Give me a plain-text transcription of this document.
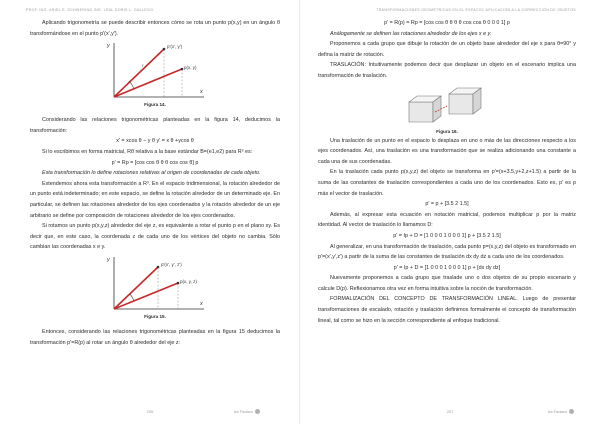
PROF. ING. ARIEL E. SCHWERING ING. LEAL DORIS L. GALLEGO

Aplicando trigonometría se puede describir entonces cómo se rota un punto p(x,y) en un ángulo θ transformándose en el punto p'(x',y').

y
x
p'(x', y')
p(x, y)
r
Figura 14.

Considerando las relaciones trigonométricas planteadas en la figura 14, deducimos la transformación:

x' = xcos θ − y θ y' = x θ +ycos θ

Si lo escribimos en forma matricial, Rθ relativa a la base estándar B=(e1,e2) para R² es:

p' = Rp = [cos cos θ θ θ cos cos θ] p

Esta transformación lo define rotaciones relativas al origen de coordenadas de cada objeto.

Extendemos ahora esta transformación a R³. En el espacio tridimensional, la rotación alrededor de un punto está indeterminado; en este espacio, se define la rotación alrededor de un determinado eje. En particular, se definen las rotaciones alrededor de los ejes coordenados y la rotación alrededor de un eje arbitrario se define por composición de rotaciones alrededor de los ejes coordenados.

Si rotamos un punto p(x,y,z) alrededor del eje z, es equivalente a rotar el punto p en el plano xy. Es decir que, en este caso, la coordenada z de cada uno de los vértices del objeto no cambia. Sólo cambian las coordenadas x e y.

y
x
p'(x', y', z')
p(x, y, z)
Figura 15.

Entonces, considerando las relaciones trigonométricas planteadas en la figura 15 deducimos la transformación p'=R(p) al rotar un ángulo θ alrededor del eje z:

206	Ira Fadaco
TRANSFORMACIONES GEOMÉTRICAS EN EL ESPACIO: APLICACIÓN A LA CORRECCIÓN DE OBJETOS

p' = R(p) = Rp = [cos cos θ θ θ θ cos cos θ 0 0 0 1] p

Análogamente se definen las rotaciones alrededor de los ejes x e y.

Proponemos a cada grupo que dibuje la rotación de un objeto base alrededor del eje x para θ=90° y defina la matriz de rotación.

TRASLACIÓN: Intuitivamente podemos decir que desplazar un objeto en el escenario implica una transformación de traslación.

Figura 16.

Una traslación de un punto en el espacio lo desplaza en uno o más de las direcciones respecto a los ejes coordenados. Así, una traslación es una transformación que se realiza adicionando una constante a cada una de sus coordenadas.

En la traslación cada punto p(x,y,z) del objeto se transforma en p'=(x+3.5,y+2,z+1.5) a partir de la suma de las constantes de traslación correspondientes a cada uno de los coordenados. Esto es, p' es p más el vector de traslación.

p' = p + [3.5 2 1.5]

Además, al expresar esta ecuación en notación matricial, podemos multiplicar p por la matriz identidad. Al vector de traslación lo llamamos D:

p' = Ip + D = [1 0 0 0 1 0 0 0 1] p + [3.5 2 1.5]

Al generalizar, en una transformación de traslación, cada punto p=(x,y,z) del objeto es transformado en p'=(x',y',z') a partir de la suma de las constantes de traslación dx dy dz a cada uno de los coordenados.

p' = Ip + D = [1 0 0 0 1 0 0 0 1] p + [dx dy dz]

Nuevamente proponemos a cada grupo que traslade uno o dos objetos de su propio escenario y calcule D(p). Reflexionamos otra vez en forma intuitiva sobre la noción de transformación.

FORMALIZACIÓN DEL CONCEPTO DE TRANSFORMACIÓN LINEAL. Luego de presentar transformaciones de escalado, rotación y traslación definimos formalmente el concepto de transformación lineal, tal como se hizo en la sección correspondiente al enfoque tradicional.

207	Ira Fadaco
